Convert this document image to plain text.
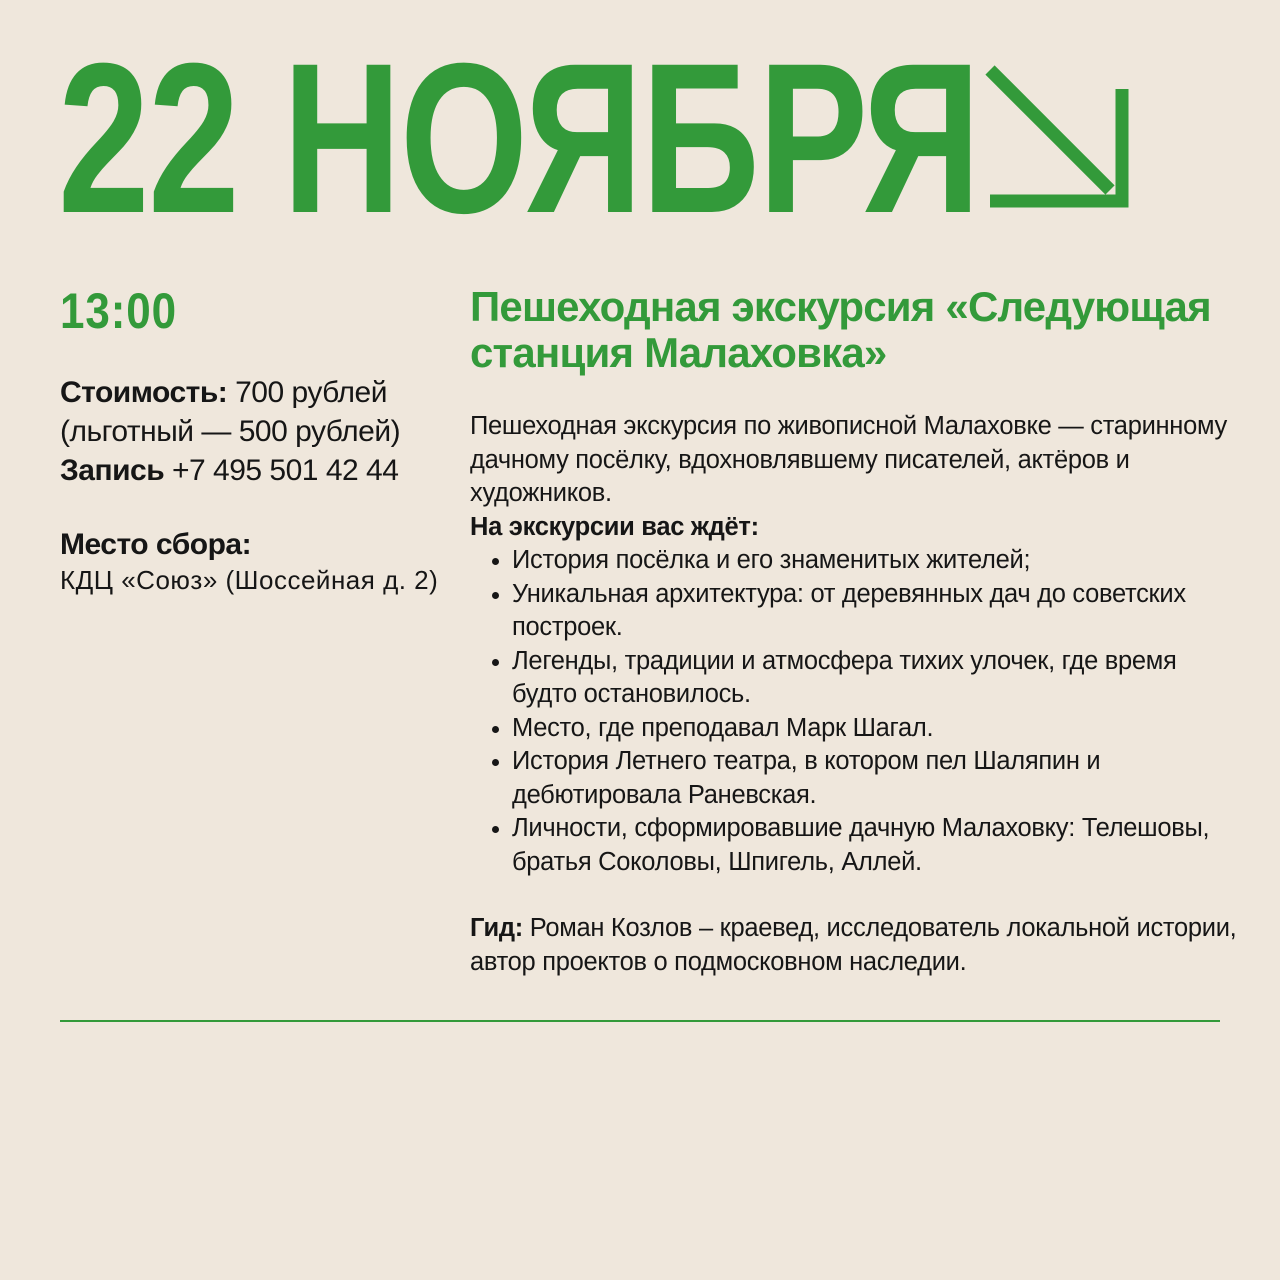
22 НОЯБРЯ
13:00
Стоимость: 700 рублей
(льготный — 500 рублей)
Запись +7 495 501 42 44
Место сбора:
КДЦ «Союз» (Шоссейная д. 2)
Пешеходная экскурсия «Следующая станция Малаховка»
Пешеходная экскурсия по живописной Малаховке — старинному дачному посёлку, вдохновлявшему писателей, актёров и художников.
На экскурсии вас ждёт:
• История посёлка и его знаменитых жителей;
• Уникальная архитектура: от деревянных дач до советских построек.
• Легенды, традиции и атмосфера тихих улочек, где время будто остановилось.
• Место, где преподавал Марк Шагал.
• История Летнего театра, в котором пел Шаляпин и дебютировала Раневская.
• Личности, сформировавшие дачную Малаховку: Телешовы, братья Соколовы, Шпигель, Аллей.
Гид: Роман Козлов – краевед, исследователь локальной истории, автор проектов о подмосковном наследии.
